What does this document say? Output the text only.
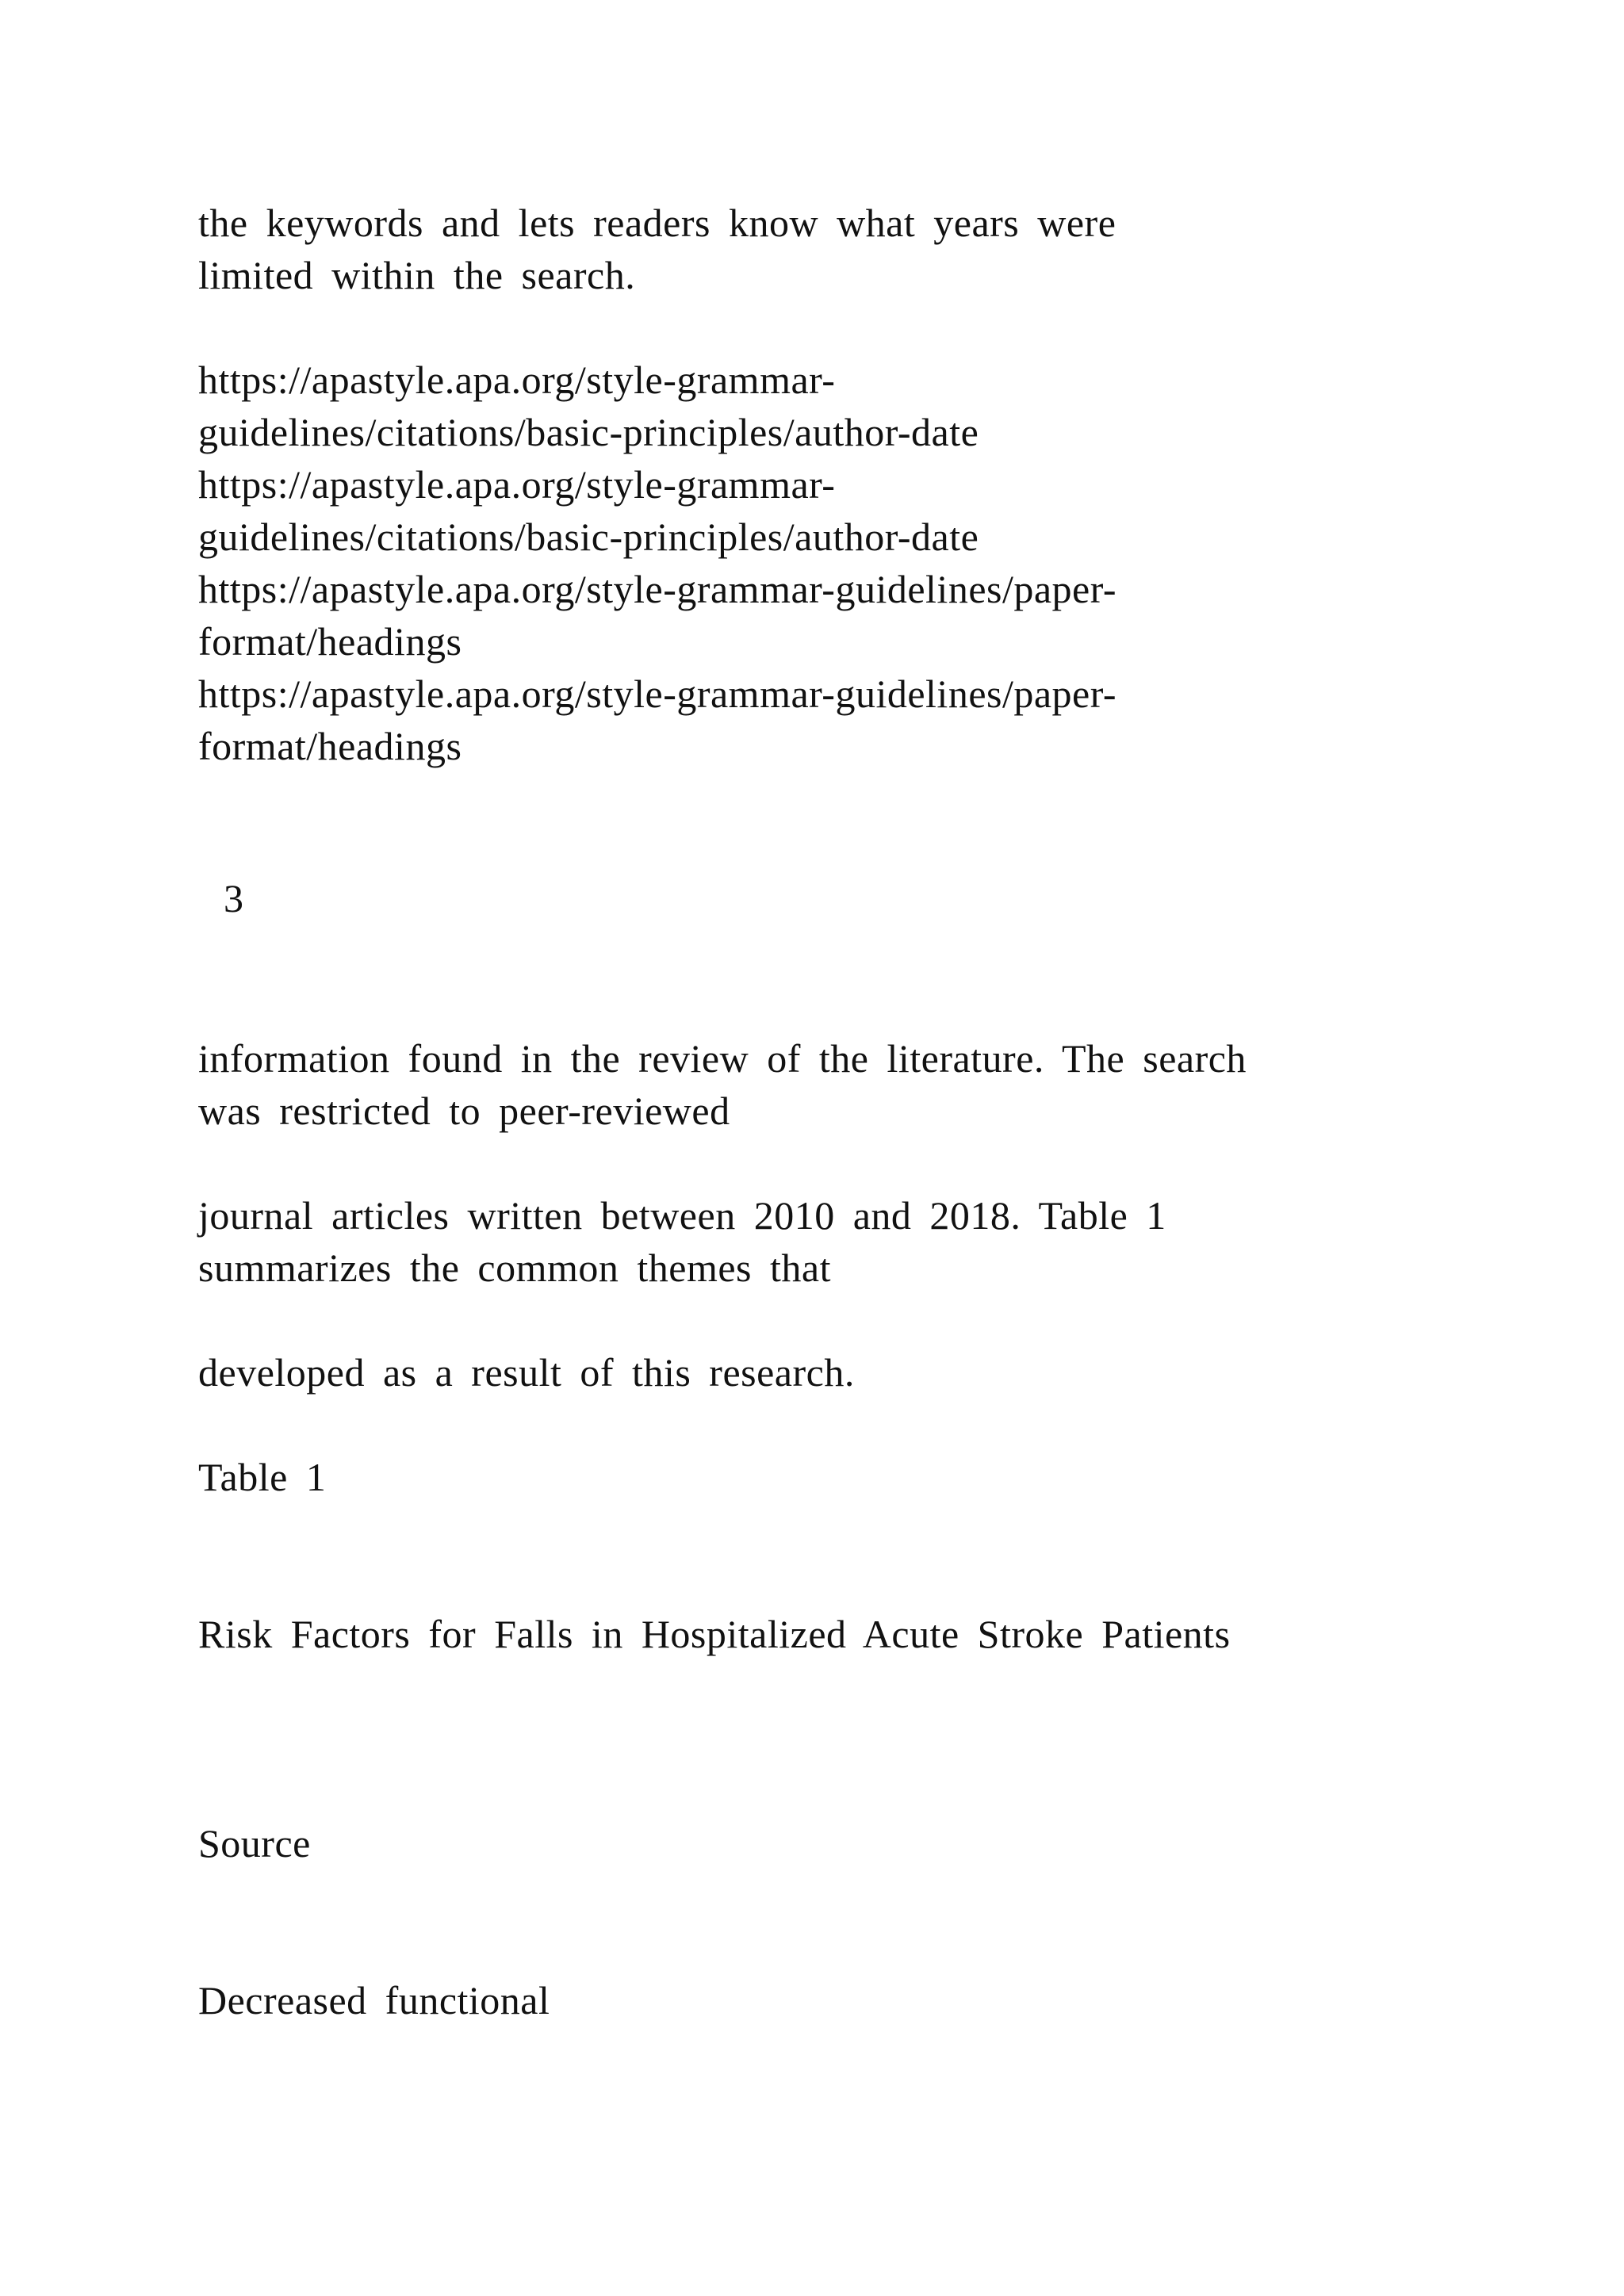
the keywords and lets readers know what years were
limited within the search.
https://apastyle.apa.org/style-grammar-
guidelines/citations/basic-principles/author-date
https://apastyle.apa.org/style-grammar-
guidelines/citations/basic-principles/author-date
https://apastyle.apa.org/style-grammar-guidelines/paper-
format/headings
https://apastyle.apa.org/style-grammar-guidelines/paper-
format/headings
3
information found in the review of the literature. The search
was restricted to peer-reviewed
journal articles written between 2010 and 2018. Table 1
summarizes the common themes that
developed as a result of this research.
Table 1
Risk Factors for Falls in Hospitalized Acute Stroke Patients
Source
Decreased functional
